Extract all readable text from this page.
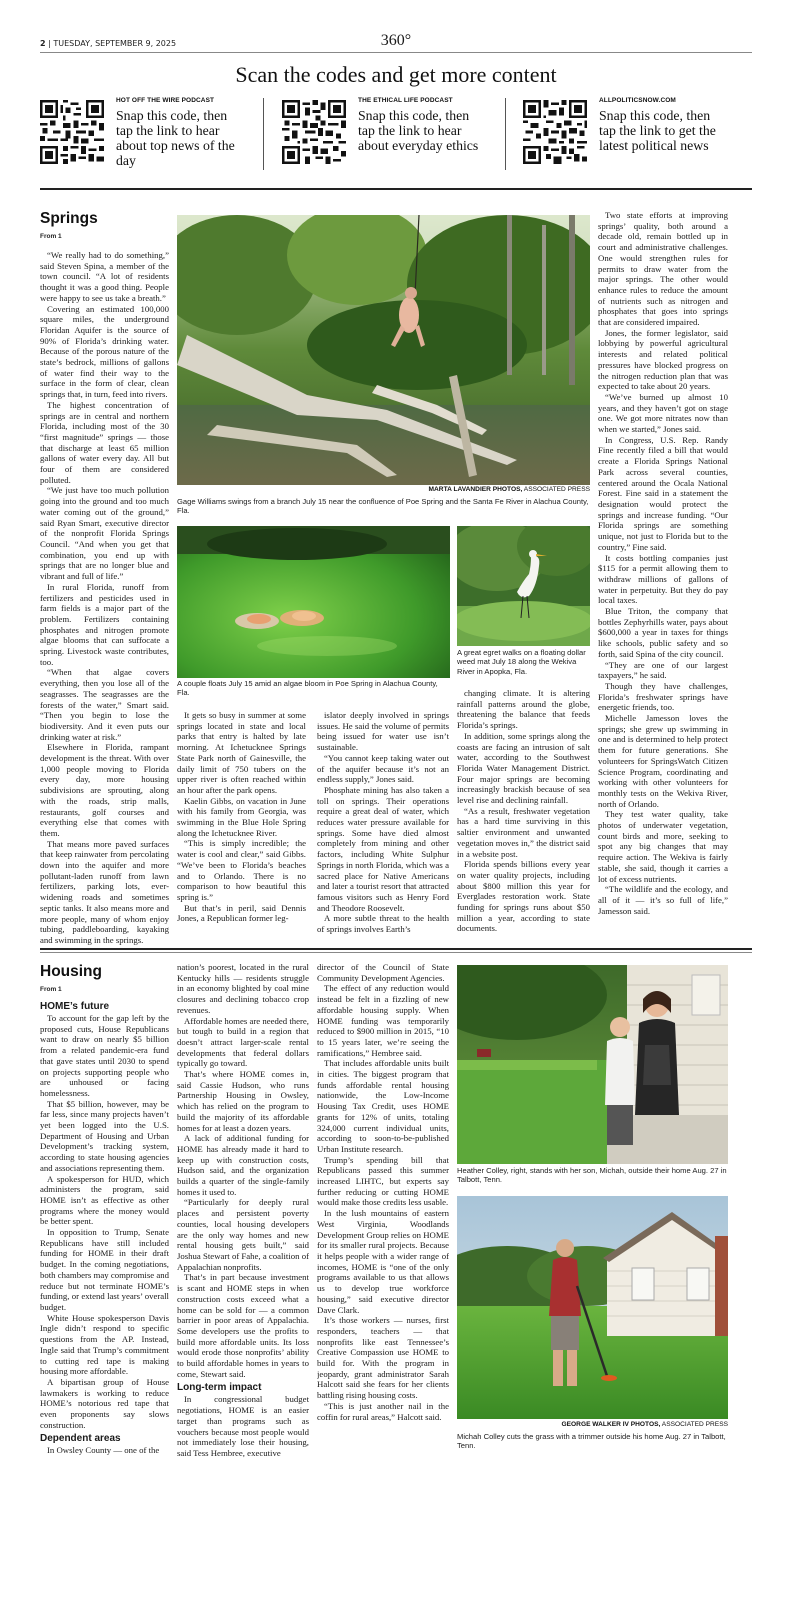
2 | TUESDAY, SEPTEMBER 9, 2025	360°
Scan the codes and get more content
HOT OFF THE WIRE PODCAST
Snap this code, then tap the link to hear about top news of the day
THE ETHICAL LIFE PODCAST
Snap this code, then tap the link to hear about everyday ethics
ALLPOLITICSNOW.COM
Snap this code, then tap the link to get the latest political news
Springs
From 1

“We really had to do something,” said Steven Spina, a member of the town council. “A lot of residents thought it was a good thing. People were happy to see us take a breath.”

Covering an estimated 100,000 square miles, the underground Floridan Aquifer is the source of 90% of Florida’s drinking water. Because of the porous nature of the state’s bedrock, millions of gallons of water find their way to the surface in the form of clear, clean springs that, in turn, feed into rivers.

The highest concentration of springs are in central and northern Florida, including most of the 30 “first magnitude” springs — those that discharge at least 65 million gallons of water every day. All but four of them are considered polluted.

“We just have too much pollution going into the ground and too much water coming out of the ground,” said Ryan Smart, executive director of the nonprofit Florida Springs Council. “And when you get that combination, you end up with springs that are no longer blue and vibrant and full of life.”

In rural Florida, runoff from fertilizers and pesticides used in farm fields is a major part of the problem. Fertilizers containing phosphates and nitrogen promote algae blooms that can suffocate a spring. Livestock waste contributes, too.

“When that algae covers everything, then you lose all of the seagrasses. The seagrasses are the forests of the water,” Smart said. “Then you begin to lose the biodiversity. And it even puts our drinking water at risk.”

Elsewhere in Florida, rampant development is the threat. With over 1,000 people moving to Florida every day, more housing subdivisions are sprouting, along with the roads, strip malls, restaurants, golf courses and everything else that comes with them.

That means more paved surfaces that keep rainwater from percolating down into the aquifer and more pollutant-laden runoff from lawn fertilizers, parking lots, ever-widening roads and sometimes septic tanks. It also means more and more people, many of whom enjoy tubing, paddleboarding, kayaking and swimming in the springs.

MARTA LAVANDIER PHOTOS, ASSOCIATED PRESS
Gage Williams swings from a branch July 15 near the confluence of Poe Spring and the Santa Fe River in Alachua County, Fla.
A couple floats July 15 amid an algae bloom in Poe Spring in Alachua County, Fla.
A great egret walks on a floating dollar weed mat July 18 along the Wekiva River in Apopka, Fla.

It gets so busy in summer at some springs located in state and local parks that entry is halted by late morning. At Ichetucknee Springs State Park north of Gainesville, the daily limit of 750 tubers on the upper river is often reached within an hour after the park opens.

Kaelin Gibbs, on vacation in June with his family from Georgia, was swimming in the Blue Hole Spring along the Ichetucknee River.

“This is simply incredible; the water is cool and clear,” said Gibbs. “We’ve been to Florida’s beaches and to Orlando. There is no comparison to how beautiful this spring is.”

But that’s in peril, said Dennis Jones, a Republican former leg-

islator deeply involved in springs issues. He said the volume of permits being issued for water use isn’t sustainable.

“You cannot keep taking water out of the aquifer because it’s not an endless supply,” Jones said.

Phosphate mining has also taken a toll on springs. Their operations require a great deal of water, which reduces water pressure available for springs. Some have died almost completely from mining and other factors, including White Sulphur Springs in north Florida, which was a sacred place for Native Americans and later a tourist resort that attracted famous visitors such as Henry Ford and Theodore Roosevelt.

A more subtle threat to the health of springs involves Earth’s

changing climate. It is altering rainfall patterns around the globe, threatening the balance that feeds Florida’s springs.

In addition, some springs along the coasts are facing an intrusion of salt water, according to the Southwest Florida Water Management District. Four major springs are becoming increasingly brackish because of sea level rise and declining rainfall.

“As a result, freshwater vegetation has a hard time surviving in this saltier environment and unwanted vegetation moves in,” the district said in a website post.

Florida spends billions every year on water quality projects, including about $800 million this year for Everglades restoration work. State funding for springs runs about $50 million a year, according to state documents.

Two state efforts at improving springs’ quality, both around a decade old, remain bottled up in court and administrative challenges. One would strengthen rules for permits to draw water from the major springs. The other would enhance rules to reduce the amount of nutrients such as nitrogen and phosphates that goes into springs that are considered impaired.

Jones, the former legislator, said lobbying by powerful agricultural interests and related political pressures have blocked progress on the nitrogen reduction plan that was expected to take about 20 years.

“We’ve burned up almost 10 years, and they haven’t got on stage one. We got more nitrates now than when we started,” Jones said.

In Congress, U.S. Rep. Randy Fine recently filed a bill that would create a Florida Springs National Park across several counties, centered around the Ocala National Forest. Fine said in a statement the designation would protect the springs and increase funding. “Our Florida springs are something unique, not just to Florida but to the country,” Fine said.

It costs bottling companies just $115 for a permit allowing them to withdraw millions of gallons of water in perpetuity. But they do pay local taxes.

Blue Triton, the company that bottles Zephyrhills water, pays about $600,000 a year in taxes for things like schools, public safety and so forth, said Spina of the city council.

“They are one of our largest taxpayers,” he said.

Though they have challenges, Florida’s freshwater springs have energetic friends, too.

Michelle Jamesson loves the springs; she grew up swimming in one and is determined to help protect them for future generations. She volunteers for SpringsWatch Citizen Science Program, coordinating and working with other volunteers for monthly tests on the Wekiva River, north of Orlando.

They test water quality, take photos of underwater vegetation, count birds and more, seeking to spot any big changes that may require action. The Wekiva is fairly stable, she said, though it carries a lot of excess nutrients.

“The wildlife and the ecology, and all of it — it’s so full of life,” Jamesson said.

Housing
From 1

HOME’s future

To account for the gap left by the proposed cuts, House Republicans want to draw on nearly $5 billion from a related pandemic-era fund that gave states until 2030 to spend on projects supporting people who are unhoused or facing homelessness.

That $5 billion, however, may be far less, since many projects haven’t yet been logged into the U.S. Department of Housing and Urban Development’s tracking system, according to state housing agencies and associations representing them.

A spokesperson for HUD, which administers the program, said HOME isn’t as effective as other programs where the money would be better spent.

In opposition to Trump, Senate Republicans have still included funding for HOME in their draft budget. In the coming negotiations, both chambers may compromise and reduce but not terminate HOME’s funding, or extend last years’ overall budget.

White House spokesperson Davis Ingle didn’t respond to specific questions from the AP. Instead, Ingle said that Trump’s commitment to cutting red tape is making housing more affordable.

A bipartisan group of House lawmakers is working to reduce HOME’s notorious red tape that even proponents say slows construction.

Dependent areas

In Owsley County — one of the

nation’s poorest, located in the rural Kentucky hills — residents struggle in an economy blighted by coal mine closures and declining tobacco crop revenues.

Affordable homes are needed there, but tough to build in a region that doesn’t attract larger-scale rental developments that federal dollars typically go toward.

That’s where HOME comes in, said Cassie Hudson, who runs Partnership Housing in Owsley, which has relied on the program to build the majority of its affordable homes for at least a dozen years.

A lack of additional funding for HOME has already made it hard to keep up with construction costs, Hudson said, and the organization builds a quarter of the single-family homes it used to.

“Particularly for deeply rural places and persistent poverty counties, local housing developers are the only way homes and new rental housing gets built,” said Joshua Stewart of Fahe, a coalition of Appalachian nonprofits.

That’s in part because investment is scant and HOME steps in when construction costs exceed what a home can be sold for — a common barrier in poor areas of Appalachia. Some developers use the profits to build more affordable units. Its loss would erode those nonprofits’ ability to build affordable homes in years to come, Stewart said.

Long-term impact

In congressional budget negotiations, HOME is an easier target than programs such as vouchers because most people would not immediately lose their housing, said Tess Hembree, executive

director of the Council of State Community Development Agencies.

The effect of any reduction would instead be felt in a fizzling of new affordable housing supply. When HOME funding was temporarily reduced to $900 million in 2015, “10 to 15 years later, we’re seeing the ramifications,” Hembree said.

That includes affordable units built in cities. The biggest program that funds affordable rental housing nationwide, the Low-Income Housing Tax Credit, uses HOME grants for 12% of units, totaling 324,000 current individual units, according to soon-to-be-published Urban Institute research.

Trump’s spending bill that Republicans passed this summer increased LIHTC, but experts say further reducing or cutting HOME would make those credits less usable.

In the lush mountains of eastern West Virginia, Woodlands Development Group relies on HOME for its smaller rural projects. Because it helps people with a wider range of incomes, HOME is “one of the only programs available to us that allows us to develop true workforce housing,” said executive director Dave Clark.

It’s those workers — nurses, first responders, teachers — that nonprofits like east Tennessee’s Creative Compassion use HOME to build for. With the program in jeopardy, grant administrator Sarah Halcott said she fears for her clients battling rising housing costs.

“This is just another nail in the coffin for rural areas,” Halcott said.

Heather Colley, right, stands with her son, Michah, outside their home Aug. 27 in Talbott, Tenn.
GEORGE WALKER IV PHOTOS, ASSOCIATED PRESS
Michah Colley cuts the grass with a trimmer outside his home Aug. 27 in Talbott, Tenn.
